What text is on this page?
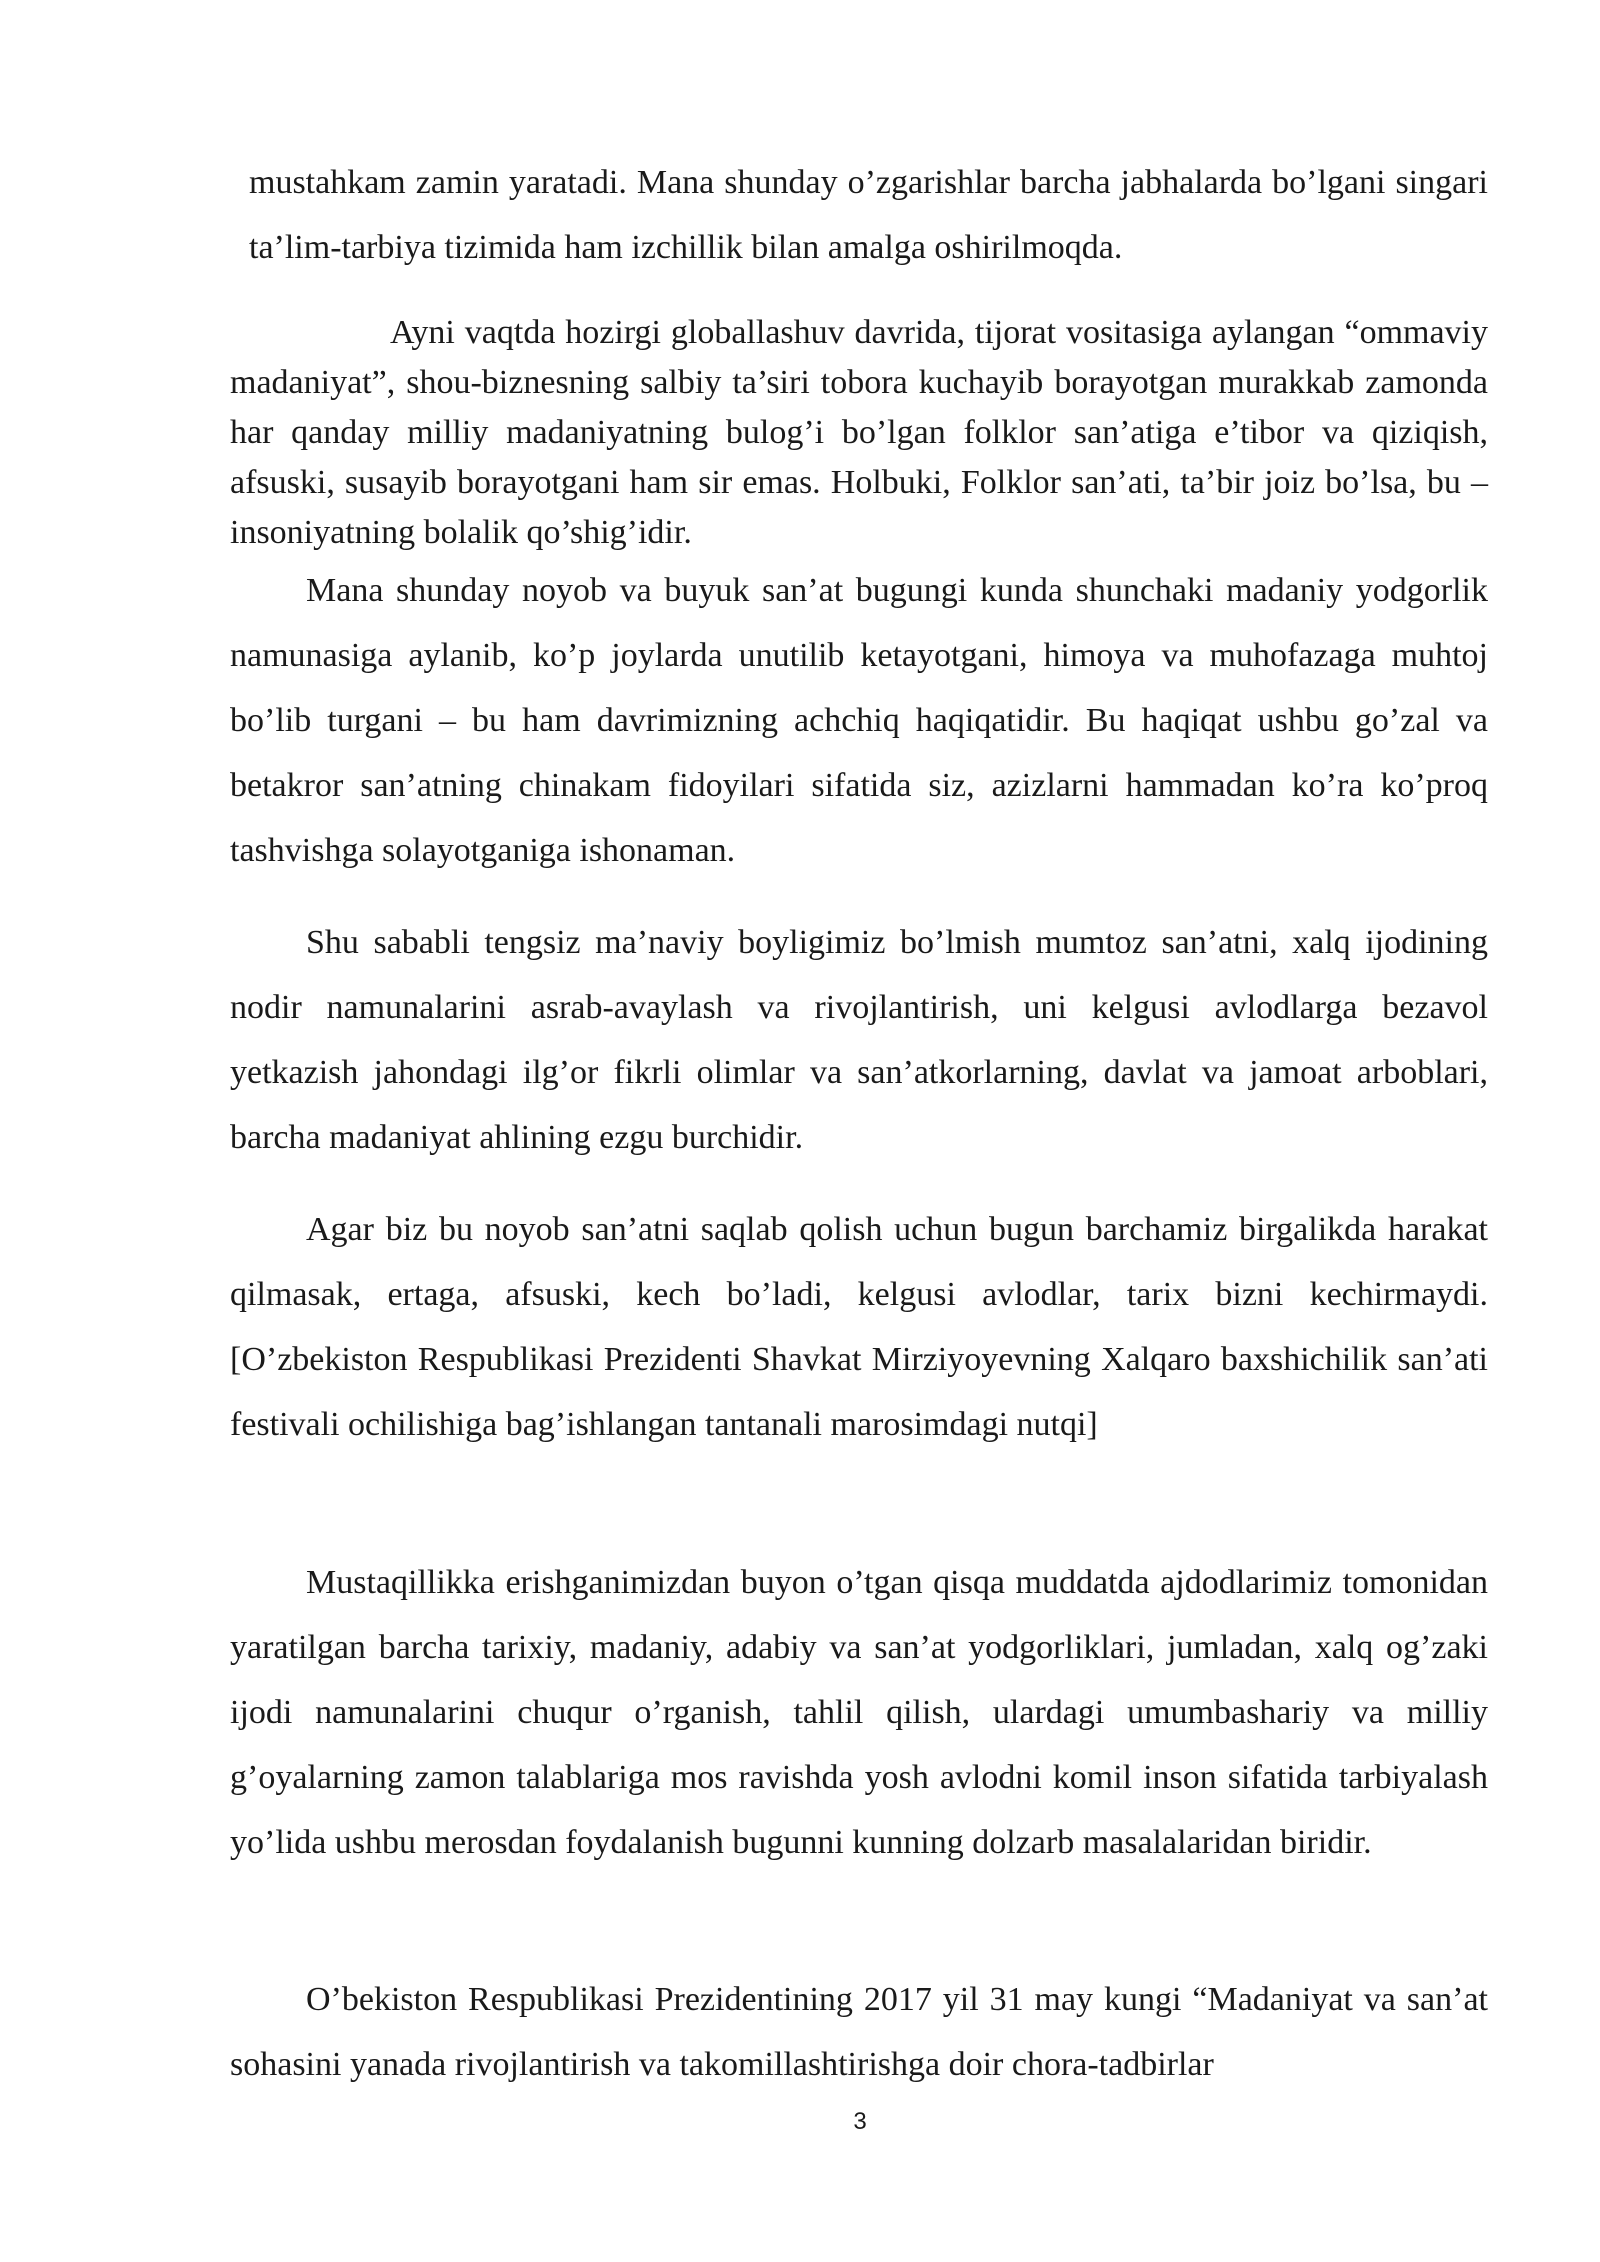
mustahkam zamin yaratadi. Mana shunday o’zgarishlar barcha jabhalarda bo’lgani singari ta’lim-tarbiya tizimida ham izchillik bilan amalga oshirilmoqda.

Ayni vaqtda hozirgi globallashuv davrida, tijorat vositasiga aylangan “ommaviy madaniyat”, shou-biznesning salbiy ta’siri tobora kuchayib borayotgan murakkab zamonda har qanday milliy madaniyatning bulog’i bo’lgan folklor san’atiga e’tibor va qiziqish, afsuski, susayib borayotgani ham sir emas. Holbuki, Folklor san’ati, ta’bir joiz bo’lsa, bu – insoniyatning bolalik qo’shig’idir.

Mana shunday noyob va buyuk san’at bugungi kunda shunchaki madaniy yodgorlik namunasiga aylanib, ko’p joylarda unutilib ketayotgani, himoya va muhofazaga muhtoj bo’lib turgani – bu ham davrimizning achchiq haqiqatidir. Bu haqiqat ushbu go’zal va betakror san’atning chinakam fidoyilari sifatida siz, azizlarni hammadan ko’ra ko’proq tashvishga solayotganiga ishonaman.

Shu sababli tengsiz ma’naviy boyligimiz bo’lmish mumtoz san’atni, xalq ijodining nodir namunalarini asrab-avaylash va rivojlantirish, uni kelgusi avlodlarga bezavol yetkazish jahondagi ilg’or fikrli olimlar va san’atkorlarning, davlat va jamoat arboblari, barcha madaniyat ahlining ezgu burchidir.

Agar biz bu noyob san’atni saqlab qolish uchun bugun barchamiz birgalikda harakat qilmasak, ertaga, afsuski, kech bo’ladi, kelgusi avlodlar, tarix bizni kechirmaydi. [O’zbekiston Respublikasi Prezidenti Shavkat Mirziyoyevning Xalqaro baxshichilik san’ati festivali ochilishiga bag’ishlangan tantanali marosimdagi nutqi]

Mustaqillikka erishganimizdan buyon o’tgan qisqa muddatda ajdodlarimiz tomonidan yaratilgan barcha tarixiy, madaniy, adabiy va san’at yodgorliklari, jumladan, xalq og’zaki ijodi namunalarini chuqur o’rganish, tahlil qilish, ulardagi umumbashariy va milliy g’oyalarning zamon talablariga mos ravishda yosh avlodni komil inson sifatida tarbiyalash yo’lida ushbu merosdan foydalanish bugunni kunning dolzarb masalalaridan biridir.

O’bekiston Respublikasi Prezidentining 2017 yil 31 may kungi “Madaniyat va san’at sohasini yanada rivojlantirish va takomillashtirishga doir chora-tadbirlar

3
